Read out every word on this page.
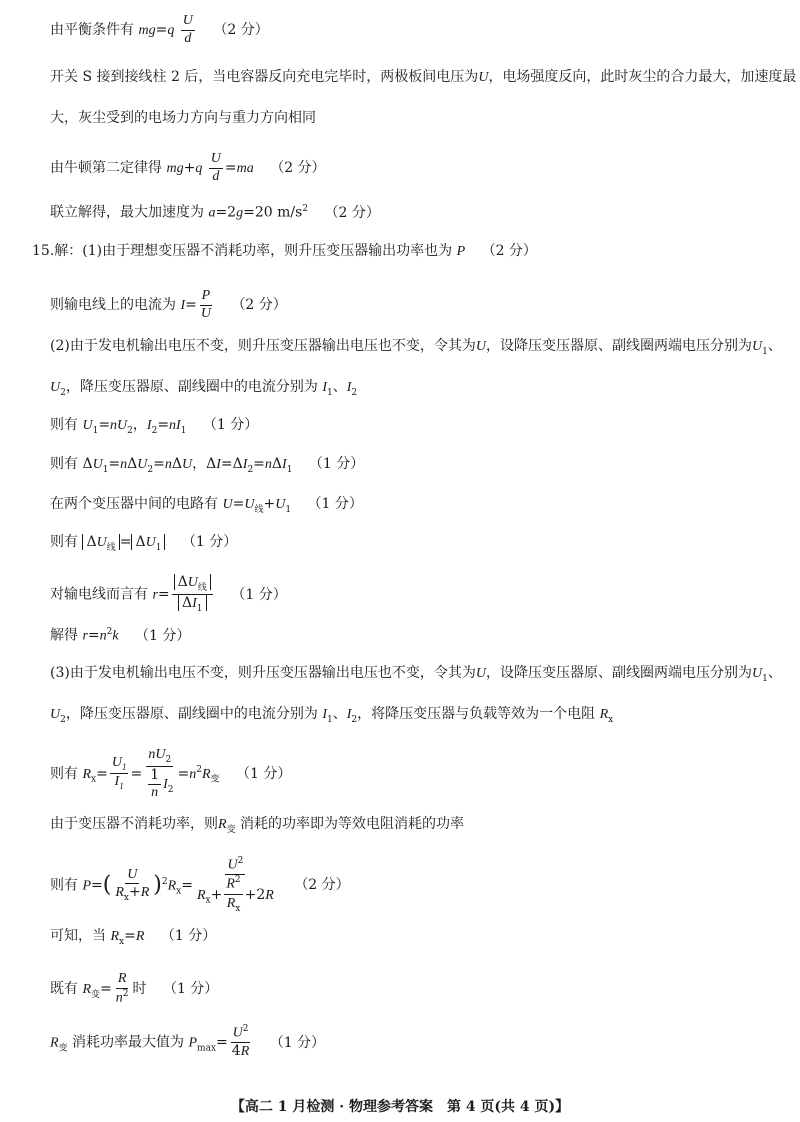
由平衡条件有 $mg=q \frac{U}{d} (2$ 分）
开关 S 接到接线柱 2 后，当电容器反向充电完毕时，两极板间电压为U，电场强度反向，此时灰尘的合力最大，加速度最
大，灰尘受到的电场力方向与重力方向相同
由牛顿第二定律得 $mg+q \frac{U}{d} =ma$ （2 分）
联立解得，最大加速度为 a=2g=20 $m/s^2$ （2 分）
15.解：(1)由于理想变压器不消耗功率，则升压变压器输出功率也为 P （2 分）
则输电线上的电流为 $I= \frac{P}{U} (2$ 分）
(2)由于发电机输出电压不变，则升压变压器输出电压也不变，令其为U，设降压变压器原、副线圈两端电压分别为$U_1$、
$U_2$，降压变压器原、副线圈中的电流分别为 $I_1$、$I_2$
则有 $U_1=nU_2$，$I_2=nI_1$ （1 分）
则有 $\Delta U_1=n\Delta U_2=n\Delta U$，$\Delta I=\Delta I_2=n\Delta I_1$ （1 分）
在两个变压器中间的电路有 $U=U_线+U_1$ （1 分）
则有 $\Delta U_线 = \Delta U_1$ （1 分）
对输电线而言有 $r= \frac{\Delta U_线}{\Delta I_1} (1$ 分）
解得 $r=n^2k$ （1 分）
(3)由于发电机输出电压不变，则升压变压器输出电压也不变，令其为U，设降压变压器原、副线圈两端电压分别为$U_1$、
$U_2$，降压变压器原、副线圈中的电流分别为 $I_1$、$I_2$，将降压变压器与负载等效为一个电阻 $R_x$
则有 $R_x= \frac{U_1}{I_1} = \frac{nU_2}{\frac{1}{n} I_2} =n^2R_变$ （1 分）
由于变压器不消耗功率，则$R_变$ 消耗的功率即为等效电阻消耗的功率
则有 $P=( \frac{U}{R_x+R} )^2R_x= \frac{U^2}{R_x+ \frac{R^2}{R_x} +2R} (2$ 分）
可知，当 $R_x=R$ （1 分）
既有 $R_变= \frac{R}{n^2}$ 时 （1 分）
$R_变$ 消耗功率最大值为 $P_{max}= \frac{U^2}{4R} (1$ 分）
【高二 1 月检测 · 物理参考答案　第 4 页(共 4 页)】
